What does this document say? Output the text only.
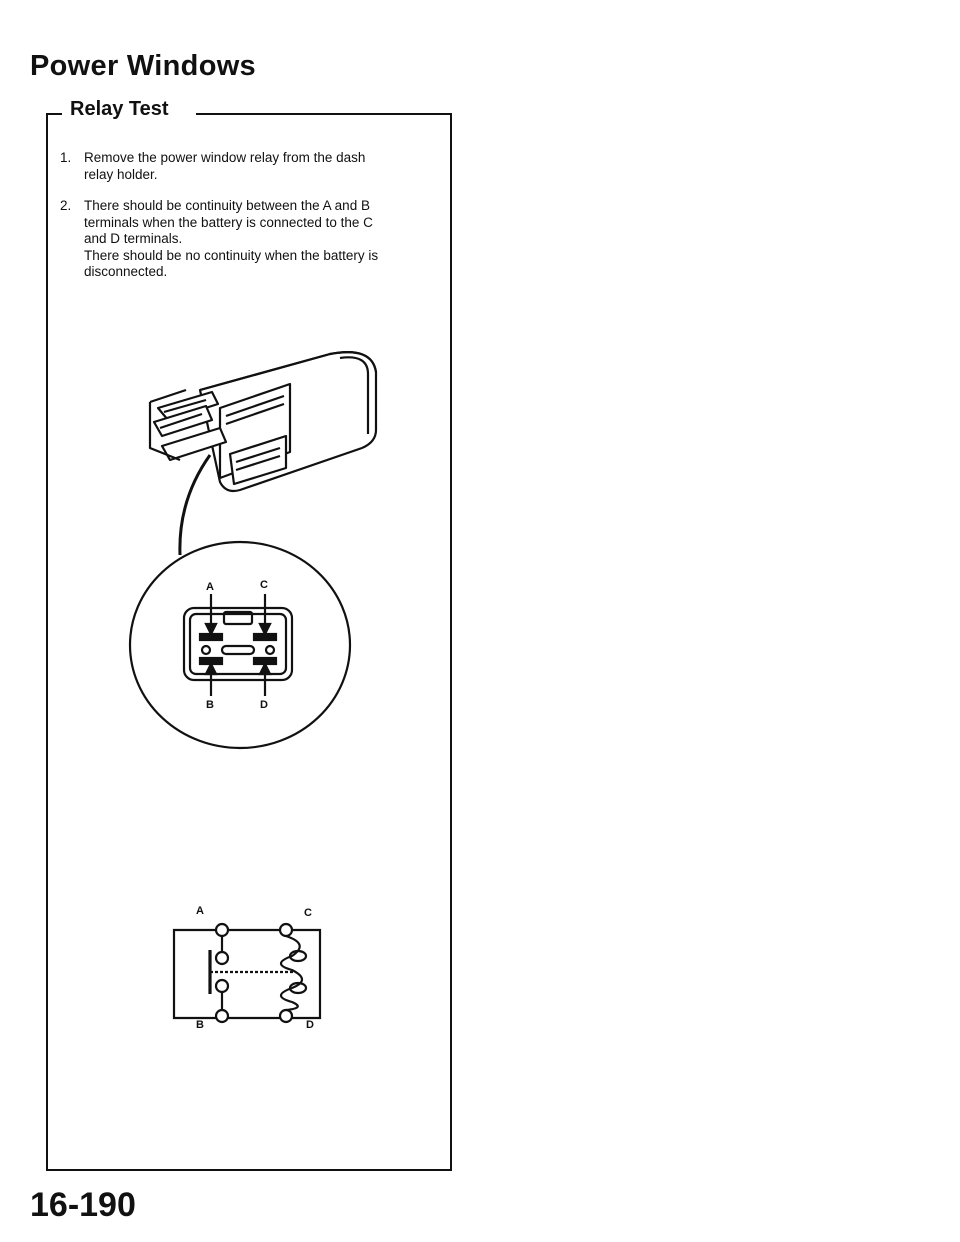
Power Windows
Relay Test
1. Remove the power window relay from the dash
relay holder.
2. There should be continuity between the A and B
terminals when the battery is connected to the C
and D terminals.
There should be no continuity when the battery is
disconnected.
A	C
B	D
A	C
B	D
16-190
